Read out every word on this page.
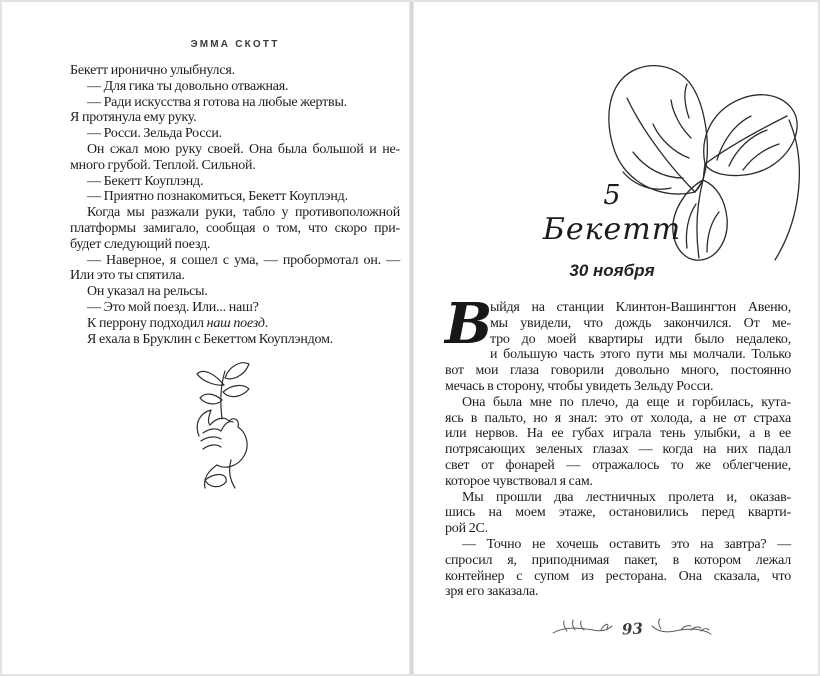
ЭММА СКОТТ
Бекетт иронично улыбнулся.
— Для гика ты довольно отважная.
— Ради искусства я готова на любые жертвы.
Я протянула ему руку.
— Росси. Зельда Росси.
Он сжал мою руку своей. Она была большой и не-
много грубой. Теплой. Сильной.
— Бекетт Коуплэнд.
— Приятно познакомиться, Бекетт Коуплэнд.
Когда мы разжали руки, табло у противоположной
платформы замигало, сообщая о том, что скоро при-
будет следующий поезд.
— Наверное, я сошел с ума, — пробормотал он. —
Или это ты спятила.
Он указал на рельсы.
— Это мой поезд. Или... наш?
К перрону подходил наш поезд.
Я ехала в Бруклин с Бекеттом Коуплэндом.
5
Бекетт
30 ноября
В
ыйдя на станции Клинтон-Вашингтон Авеню,
мы увидели, что дождь закончился. От ме-
тро до моей квартиры идти было недалеко,
и большую часть этого пути мы молчали. Только
вот мои глаза говорили довольно много, постоянно
мечась в сторону, чтобы увидеть Зельду Росси.
Она была мне по плечо, да еще и горбилась, кута-
ясь в пальто, но я знал: это от холода, а не от страха
или нервов. На ее губах играла тень улыбки, а в ее
потрясающих зеленых глазах — когда на них падал
свет от фонарей — отражалось то же облегчение,
которое чувствовал я сам.
Мы прошли два лестничных пролета и, оказав-
шись на моем этаже, остановились перед кварти-
рой 2C.
— Точно не хочешь оставить это на завтра? —
спросил я, приподнимая пакет, в котором лежал
контейнер с супом из ресторана. Она сказала, что
зря его заказала.
93
